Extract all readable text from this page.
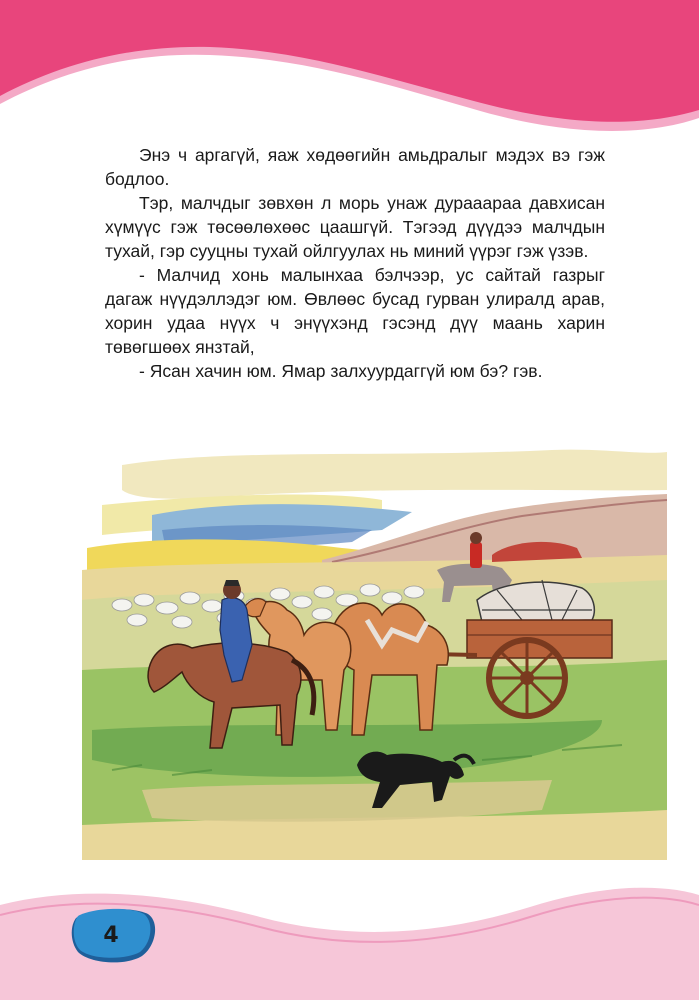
Энэ ч аргагүй, яаж хөдөөгийн амьдралыг мэдэх вэ гэж бодлоо.

Тэр, малчдыг зөвхөн л морь унаж дурааараа давхисан хүмүүс гэж төсөөлөхөөс цаашгүй. Тэгээд дүүдээ малчдын тухай, гэр сууцны тухай ойлгуулах нь миний үүрэг гэж үзэв.

- Малчид хонь малынхаа бэлчээр, ус сайтай газрыг дагаж нүүдэллэдэг юм. Өвлөөс бусад гурван улиралд арав, хорин удаа нүүх ч энүүхэнд гэсэнд дүү маань харин төвөгшөөх янзтай,

- Ясан хачин юм. Ямар залхуурдаггүй юм бэ? гэв.

4
